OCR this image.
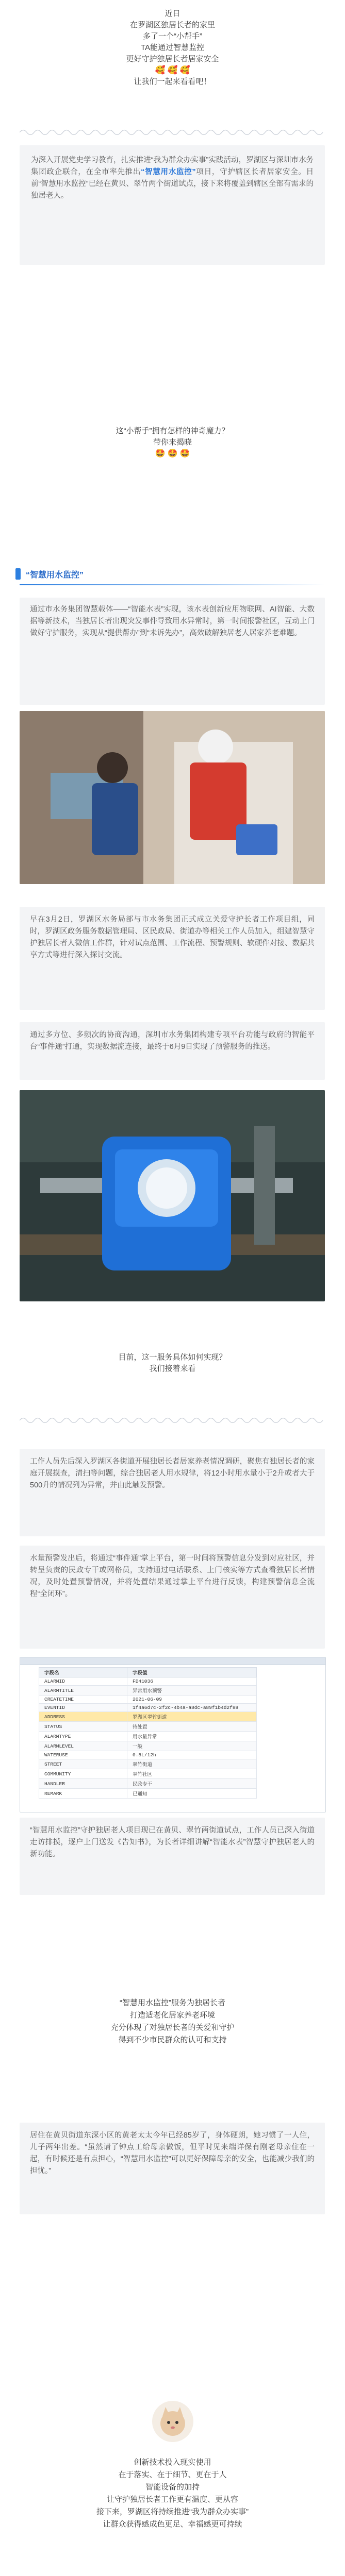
近日
在罗湖区独居长者的家里
多了一个“小帮手”
TA能通过智慧监控
更好守护独居长者居家安全
🥰 🥰 🥰
让我们一起来看看吧！

为深入开展党史学习教育，扎实推进“我为群众办实事”实践活动，罗湖区与深圳市水务集团政企联合，在全市率先推出“智慧用水监控”项目，守护辖区长者居家安全。目前“智慧用水监控”已经在黄贝、翠竹两个街道试点，接下来将覆盖到辖区全部有需求的独居老人。

这“小帮手”拥有怎样的神奇魔力？
带你来揭晓
🤩 🤩 🤩
“智慧用水监控”

通过市水务集团智慧载体——“智能水表”实现，该水表创新应用物联网、AI智能、大数据等新技术，当独居长者出现突发事件导致用水异常时，第一时间报警社区，互动上门做好守护服务，实现从“提供帮办”到“未诉先办”，高效破解独居老人居家养老难题。

早在3月2日，罗湖区水务局部与市水务集团正式成立关爱守护长者工作项目组，同时，罗湖区政务服务数据管理局、区民政局、街道办等相关工作人员加入，组建智慧守护独居长者人微信工作群，针对试点范围、工作流程、预警规则、软硬件对接、数据共享方式等进行深入探讨交流。

通过多方位、多频次的协商沟通，深圳市水务集团构建专项平台功能与政府的智能平台“事件通”打通，实现数据流连接，最终于6月9日实现了预警服务的推送。

目前，这一服务具体如何实现？
我们接着来看

工作人员先后深入罗湖区各街道开展独居长者居家养老情况调研，聚焦有独居长者的家庭开展摸查，清扫等问题，综合独居老人用水规律，将12小时用水量小于2升或者大于500升的情况列为异常，并由此触发预警。

水量预警发出后，将通过“事件通”掌上平台，第一时间将预警信息分发到对应社区，并转呈负责的民政专干或网格员，支持通过电话联系、上门核实等方式查看独居长者情况，及时处置预警情况，并将处置结果通过掌上平台进行反馈，构建预警信息全流程“全闭环”。

字段名	字段值
ALARMID	FD41036
ALARMTITLE	异常用水预警
CREATETIME	2021-06-09
EVENTID	1f4a6d7c-2f2c-4b4a-a8dc-a89f1b4d2f88
ADDRESS	罗湖区翠竹街道
STATUS	待处置
ALARMTYPE	用水量异常
ALARMLEVEL	一般
WATERUSE	0.8L/12h
STREET	翠竹街道
COMMUNITY	翠竹社区
HANDLER	民政专干
REMARK	已通知

“智慧用水监控”守护独居老人项目现已在黄贝、翠竹两街道试点，工作人员已深入街道走访排摸，逐户上门送发《告知书》，为长者详细讲解“智能水表”智慧守护独居老人的新功能。

“智慧用水监控”服务为独居长者
打造适老化居家养老环境
充分体现了对独居长者的关爱和守护
得到不少市民群众的认可和支持

居住在黄贝街道东深小区的黄老太太今年已经85岁了，身体硬朗，她习惯了一人住，儿子两年出差。“虽然请了钟点工给母亲做饭，但平时见来端详保有刚老母亲住在一起，有时候还是有点担心，“智慧用水监控”可以更好保障母亲的安全，也能减少我们的担忧。”

创新技术投入现实使用
在于落实、在于细节、更在于人
智能设备的加持
让守护独居长者工作更有温度、更从容
接下来，罗湖区将持续推进“我为群众办实事”
让群众获得感成色更足、幸福感更可持续
